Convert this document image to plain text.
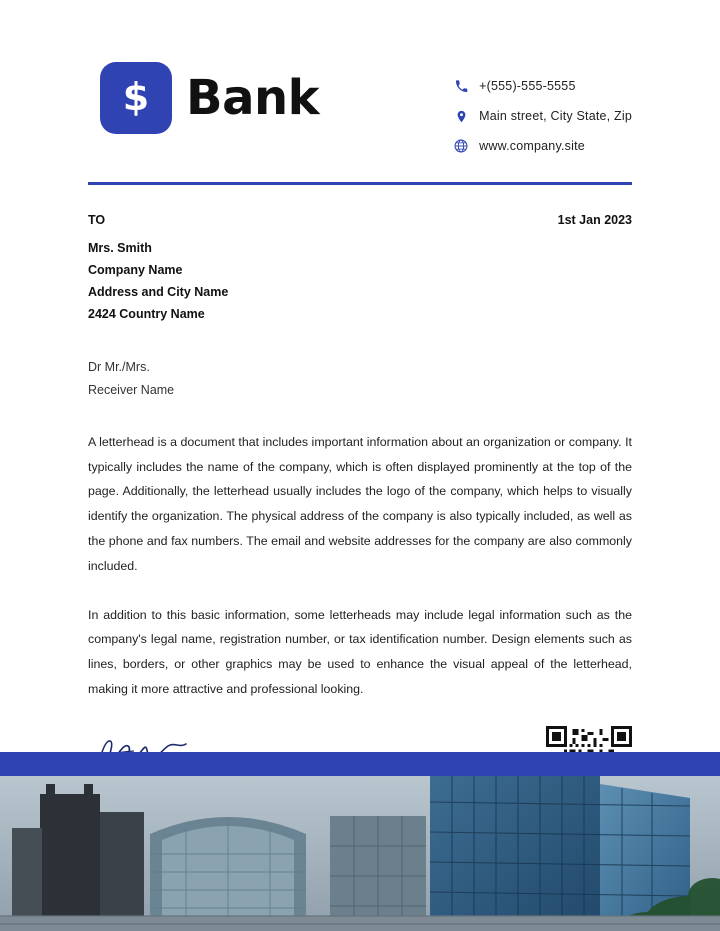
$ Bank	+(555)-555-5555
Main street, City State, Zip
www.company.site
TO	1st Jan 2023
Mrs. Smith
Company Name
Address and City Name
2424 Country Name
Dr Mr./Mrs.
Receiver Name

A letterhead is a document that includes important information about an organization or company. It typically includes the name of the company, which is often displayed prominently at the top of the page. Additionally, the letterhead usually includes the logo of the company, which helps to visually identify the organization. The physical address of the company is also typically included, as well as the phone and fax numbers. The email and website addresses for the company are also commonly included.

In addition to this basic information, some letterheads may include legal information such as the company's legal name, registration number, or tax identification number. Design elements such as lines, borders, or other graphics may be used to enhance the visual appeal of the letterhead, making it more attractive and professional looking.
